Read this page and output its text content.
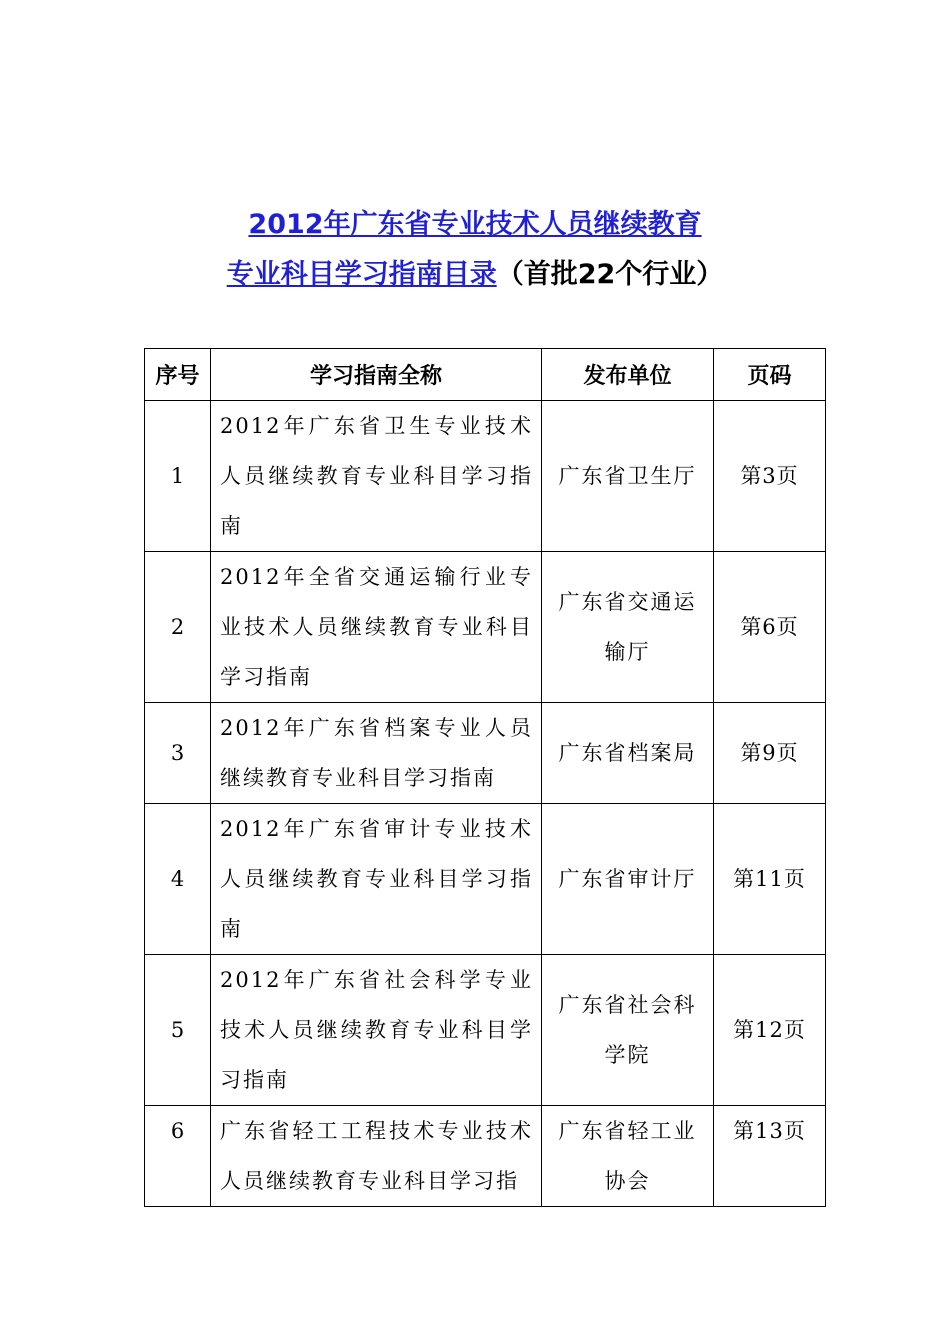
2012年广东省专业技术人员继续教育
专业科目学习指南目录（首批22个行业）
序号	学习指南全称	发布单位	页码
1	2012年广东省卫生专业技术人员继续教育专业科目学习指南	广东省卫生厅	第3页
2	2012年全省交通运输行业专业技术人员继续教育专业科目学习指南	广东省交通运输厅	第6页
3	2012年广东省档案专业人员继续教育专业科目学习指南	广东省档案局	第9页
4	2012年广东省审计专业技术人员继续教育专业科目学习指南	广东省审计厅	第11页
5	2012年广东省社会科学专业技术人员继续教育专业科目学习指南	广东省社会科学院	第12页
6	广东省轻工工程技术专业技术人员继续教育专业科目学习指	广东省轻工业协会	第13页
